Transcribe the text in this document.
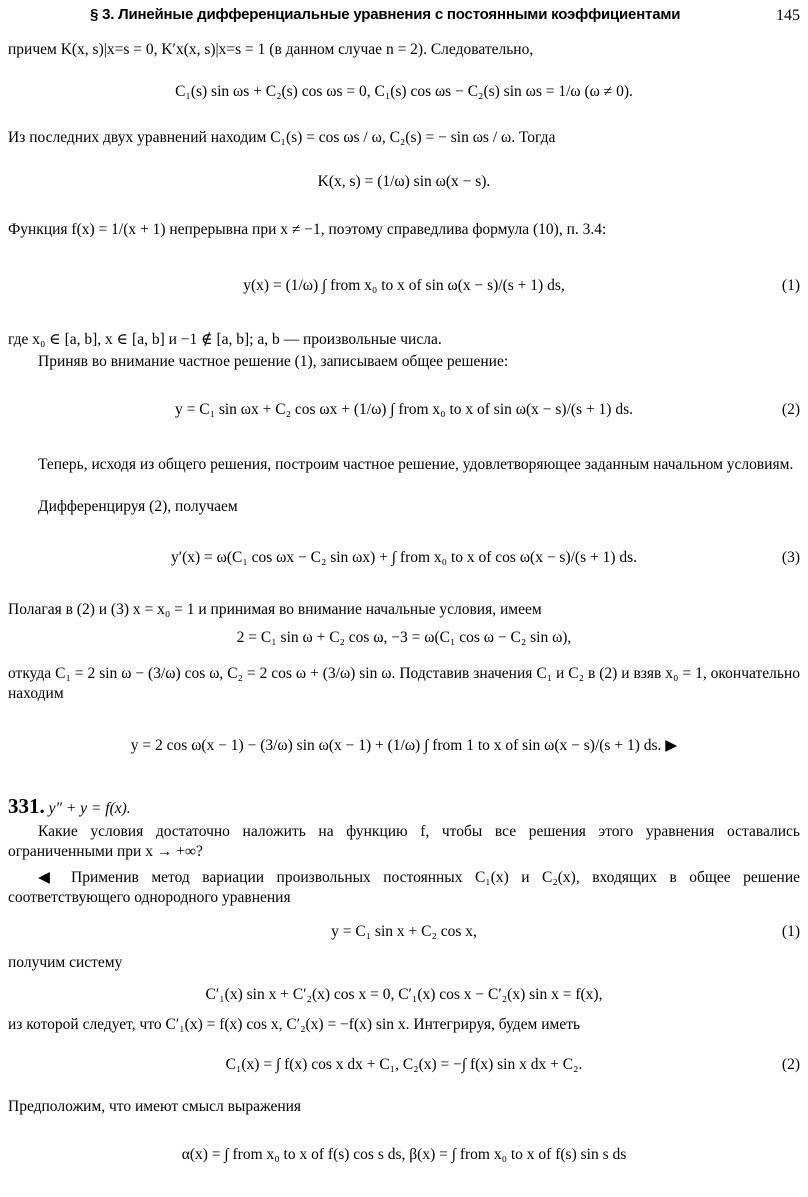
§ 3. Линейные дифференциальные уравнения с постоянными коэффициентами	145
причем K(x, s)|x=s = 0, K′x(x, s)|x=s = 1 (в данном случае n = 2). Следовательно,
C₁(s) sin ωs + C₂(s) cos ωs = 0, C₁(s) cos ωs − C₂(s) sin ωs = 1/ω (ω ≠ 0).
Из последних двух уравнений находим C₁(s) = cos ωs / ω, C₂(s) = − sin ωs / ω. Тогда
K(x, s) = (1/ω) sin ω(x − s).
Функция f(x) = 1/(x + 1) непрерывна при x ≠ −1, поэтому справедлива формула (10), п. 3.4:
y(x) = (1/ω) ∫ from x₀ to x of sin ω(x − s)/(s + 1) ds,	(1)
где x₀ ∈ [a, b], x ∈ [a, b] и −1 ∉ [a, b]; a, b — произвольные числа.
Приняв во внимание частное решение (1), записываем общее решение:
y = C₁ sin ωx + C₂ cos ωx + (1/ω) ∫ from x₀ to x of sin ω(x − s)/(s + 1) ds.	(2)
Теперь, исходя из общего решения, построим частное решение, удовлетворяющее заданным начальном условиям.
Дифференцируя (2), получаем
y′(x) = ω(C₁ cos ωx − C₂ sin ωx) + ∫ from x₀ to x of cos ω(x − s)/(s + 1) ds.	(3)
Полагая в (2) и (3) x = x₀ = 1 и принимая во внимание начальные условия, имеем
2 = C₁ sin ω + C₂ cos ω, −3 = ω(C₁ cos ω − C₂ sin ω),
откуда C₁ = 2 sin ω − (3/ω) cos ω, C₂ = 2 cos ω + (3/ω) sin ω. Подставив значения C₁ и C₂ в (2) и взяв x₀ = 1, окончательно находим
y = 2 cos ω(x − 1) − (3/ω) sin ω(x − 1) + (1/ω) ∫ from 1 to x of sin ω(x − s)/(s + 1) ds. ▶
331. y″ + y = f(x).
Какие условия достаточно наложить на функцию f, чтобы все решения этого уравнения оставались ограниченными при x → +∞?
◀ Применив метод вариации произвольных постоянных C₁(x) и C₂(x), входящих в общее решение соответствующего однородного уравнения
y = C₁ sin x + C₂ cos x,	(1)
получим систему
C′₁(x) sin x + C′₂(x) cos x = 0, C′₁(x) cos x − C′₂(x) sin x = f(x),
из которой следует, что C′₁(x) = f(x) cos x, C′₂(x) = −f(x) sin x. Интегрируя, будем иметь
C₁(x) = ∫ f(x) cos x dx + C₁, C₂(x) = −∫ f(x) sin x dx + C₂.	(2)
Предположим, что имеют смысл выражения
α(x) = ∫ from x₀ to x of f(s) cos s ds, β(x) = ∫ from x₀ to x of f(s) sin s ds
